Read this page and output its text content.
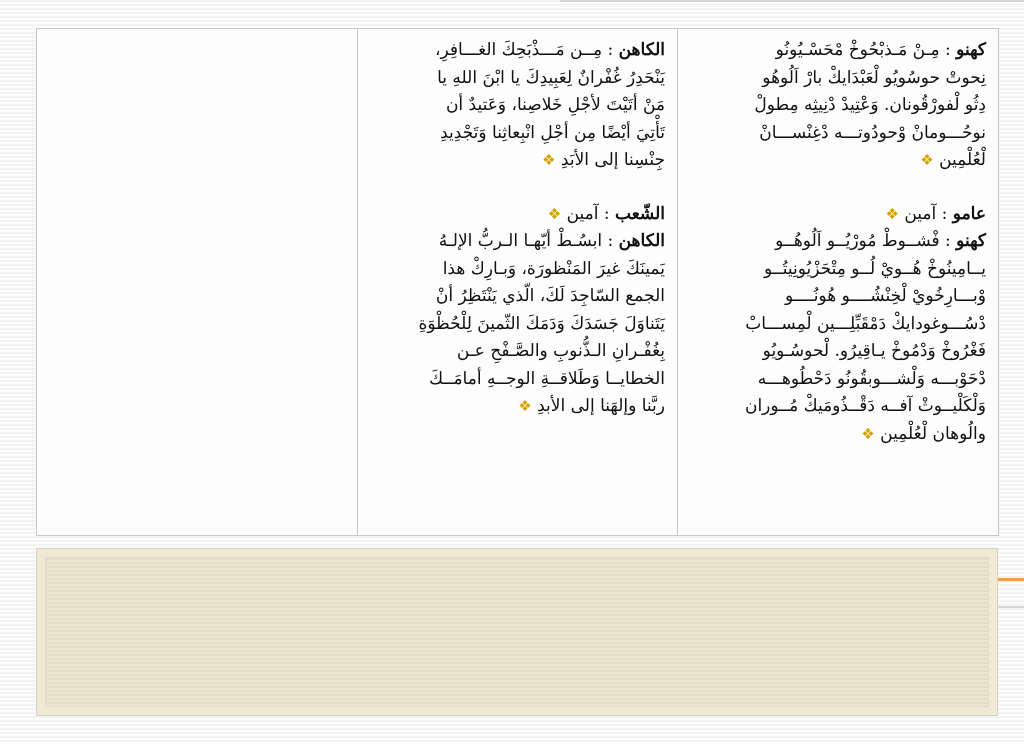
الكاهن : مِــن مَـــذْبَحِكَ الغـــافِرِ،
يَنْحَدِرُ غُفْرانٌ لِعَبِيدِكَ يا ابْنَ اللهِ يا
مَنْ أتَيْتَ لأجْلِ خَلاصِنا، وَعَتيدٌ أن
تَأْتِيَ أيْضًا مِن أجْلِ انْبِعاثِنا وَتَجْدِيدِ
جِنْسِنا إلى الأبَدِ ❖
الشّعب : آمين ❖
الكاهن : ابسُـطْ أيّهـا الـربُّ الإلـهُ
يَمينَكَ غيرَ المَنْظورَة، وَبـارِكْ هذا
الجمع السّاجِدَ لَكَ، الّذي يَنْتَظِرُ أنْ
يَتَناوَلَ جَسَدَكَ وَدَمَكَ الثّمينَ لِلْحُظْوَةِ
بِغُفْـرانِ الـذُّنوبِ والصَّـفْحِ عـن
الخطايــا وَطَلاقــةِ الوجــهِ أمامَــكَ
ربَّنا وإلهَنا إلى الأبدِ ❖

كهنو : مِـنْ مَـذبْحُوخْ مْحَسْـيُونُو
نِحوتْ حوسُويُو لْعَبْدَايكْ بارْ اَلُوهُو
دِثُو لْفورْقُونان. وَعْتِيدْ دْنِيثِه مِطولْ
نوحُـــومانْ وْحودُوتـــه دْغِنْســـانْ
لْعُلْمِين ❖
عامو : آمين ❖
كهنو : فْشــوطْ مُورْيُــو اَلُوهُــو
يــامِينُوخْ هُــويْ لُــو مِتْحَزْيُونِيتُــو
وْبـــارِخُويْ لْخِنْشُــــو هُونُــــو
دْسُـــوغودايكْ دَمْقَبِّلِـــين لْمِســـابْ
فَغْرُوخْ وَدْمُوخْ يـاقِيرُو. لْحوسُـويُو
دْحَوْبـــه وَلْشـــوبقُونُو دَحْطُوهـــه
وَلْكَلْيــوثْ آفــه دَقْــذُومَيكْ مُــوران
والُوهان لْعُلْمِين ❖
